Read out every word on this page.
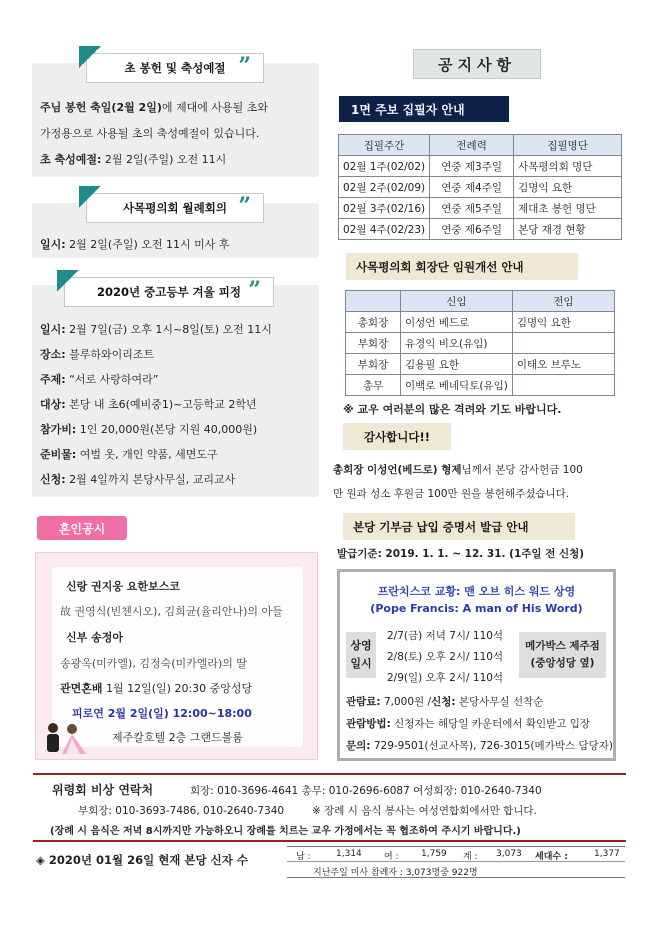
초 봉헌 및 축성예절 ”
주님 봉헌 축일(2월 2일)에 제대에 사용될 초와
가정용으로 사용될 초의 축성예절이 있습니다.
초 축성예절: 2월 2일(주일) 오전 11시
사목평의회 월례회의 ”
일시: 2월 2일(주일) 오전 11시 미사 후
2020년 중고등부 겨울 피정 ”
일시: 2월 7일(금) 오후 1시~8일(토) 오전 11시
장소: 블루하와이리조트
주제: “서로 사랑하여라”
대상: 본당 내 초6(예비중1)~고등학교 2학년
참가비: 1인 20,000원(본당 지원 40,000원)
준비물: 여벌 옷, 개인 약품, 세면도구
신청: 2월 4일까지 본당사무실, 교리교사
혼인공시
신랑 권지웅 요한보스코
故 권영식(빈첸시오), 김희균(율리안나)의 아들
신부 송정아
송광옥(미카엘), 김정숙(미카엘라)의 딸
관면혼배 1월 12일(일) 20:30 중앙성당
피로연 2월 2일(일) 12:00~18:00
제주칼호텔 2층 그랜드볼룸
공지사항
1면 주보 집필자 안내
집필주간	전례력	집필명단
02월 1주(02/02)	연중 제3주일	사목평의회 명단
02월 2주(02/09)	연중 제4주일	김명익 요한
02월 3주(02/16)	연중 제5주일	제대초 봉헌 명단
02월 4주(02/23)	연중 제6주일	본당 재경 현황
사목평의회 회장단 임원개선 안내
	신임	전임
총회장	이성언 베드로	김명익 요한
부회장	유경익 비오(유임)	
부회장	김용필 요한	이태오 브루노
총무	이백로 베네딕토(유임)	
※ 교우 여러분의 많은 격려와 기도 바랍니다.
감사합니다!!
총회장 이성언(베드로) 형제님께서 본당 감사헌금 100
만 원과 성소 후원금 100만 원을 봉헌해주셨습니다.
본당 기부금 납입 증명서 발급 안내
발급기준: 2019. 1. 1. ~ 12. 31. (1주일 전 신청)
프란치스코 교황: 맨 오브 히스 워드 상영
(Pope Francis: A man of His Word)
상영
일시
2/7(금) 저녁 7시/ 110석
2/8(토) 오후 2시/ 110석
2/9(일) 오후 2시/ 110석
메가박스 제주점
(중앙성당 옆)
관람료: 7,000원 /신청: 본당사무실 선착순
관람방법: 신청자는 해당일 카운터에서 확인받고 입장
문의: 729-9501(선교사목), 726-3015(메가박스 담당자)
위령회 비상 연락처	회장: 010-3696-4641 총무: 010-2696-6087 여성회장: 010-2640-7340
부회장: 010-3693-7486, 010-2640-7340	※ 장례 시 음식 봉사는 여성연합회에서만 합니다.
(장례 시 음식은 저녁 8시까지만 가능하오니 장례를 치르는 교우 가정에서는 꼭 협조하여 주시기 바랍니다.)
◈ 2020년 01월 26일 현재 본당 신자 수	남 :	1,314 여 : 1,759 계 : 3,073 세대수 :	1,377
지난주일 미사 참례자 : 3,073명중 922명
